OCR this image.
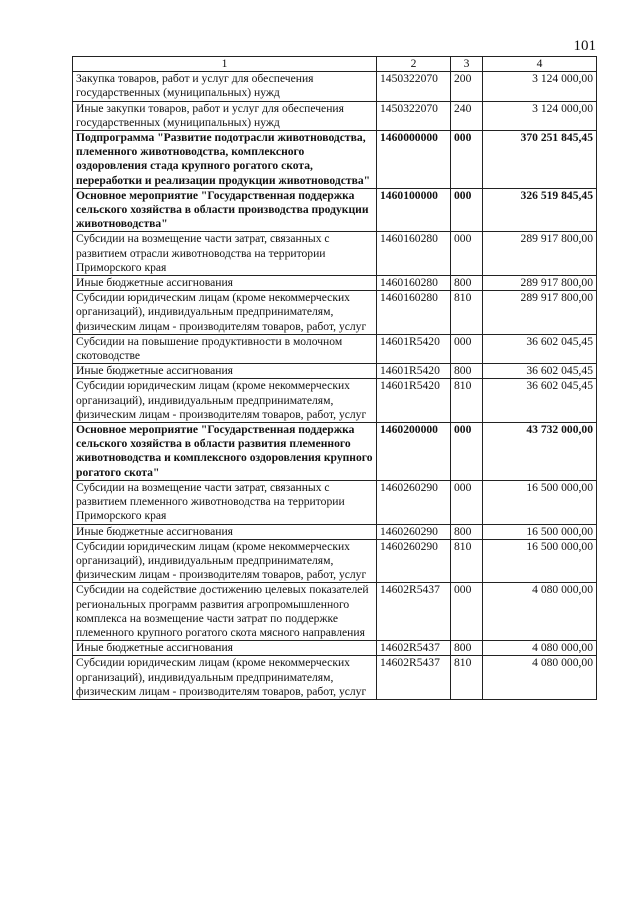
101
1	2	3	4
Закупка товаров, работ и услуг для обеспечения государственных (муниципальных) нужд	1450322070	200	3 124 000,00
Иные закупки товаров, работ и услуг для обеспечения государственных (муниципальных) нужд	1450322070	240	3 124 000,00
Подпрограмма "Развитие подотрасли животноводства, племенного животноводства, комплексного оздоровления стада крупного рогатого скота, переработки и реализации продукции животноводства"	1460000000	000	370 251 845,45
Основное мероприятие "Государственная поддержка сельского хозяйства в области производства продукции животноводства"	1460100000	000	326 519 845,45
Субсидии на возмещение части затрат, связанных с развитием отрасли животноводства на территории Приморского края	1460160280	000	289 917 800,00
Иные бюджетные ассигнования	1460160280	800	289 917 800,00
Субсидии юридическим лицам (кроме некоммерческих организаций), индивидуальным предпринимателям, физическим лицам - производителям товаров, работ, услуг	1460160280	810	289 917 800,00
Субсидии на повышение продуктивности в молочном скотоводстве	14601R5420	000	36 602 045,45
Иные бюджетные ассигнования	14601R5420	800	36 602 045,45
Субсидии юридическим лицам (кроме некоммерческих организаций), индивидуальным предпринимателям, физическим лицам - производителям товаров, работ, услуг	14601R5420	810	36 602 045,45
Основное мероприятие "Государственная поддержка сельского хозяйства в области развития племенного животноводства и комплексного оздоровления крупного рогатого скота"	1460200000	000	43 732 000,00
Субсидии на возмещение части затрат, связанных с развитием племенного животноводства на территории Приморского края	1460260290	000	16 500 000,00
Иные бюджетные ассигнования	1460260290	800	16 500 000,00
Субсидии юридическим лицам (кроме некоммерческих организаций), индивидуальным предпринимателям, физическим лицам - производителям товаров, работ, услуг	1460260290	810	16 500 000,00
Субсидии на содействие достижению целевых показателей региональных программ развития агропромышленного комплекса на возмещение части затрат по поддержке племенного крупного рогатого скота мясного направления	14602R5437	000	4 080 000,00
Иные бюджетные ассигнования	14602R5437	800	4 080 000,00
Субсидии юридическим лицам (кроме некоммерческих организаций), индивидуальным предпринимателям, физическим лицам - производителям товаров, работ, услуг	14602R5437	810	4 080 000,00
